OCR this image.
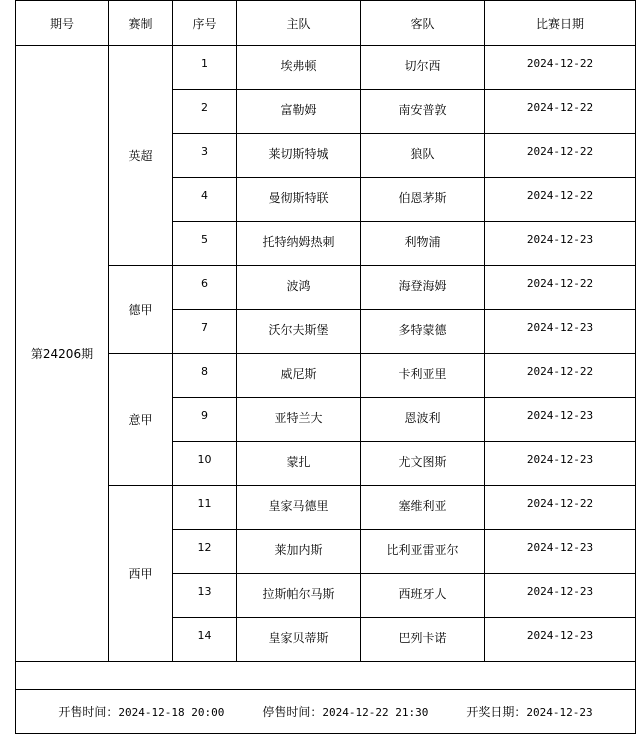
期号	赛制	序号	主队	客队	比赛日期
第24206期	英超	1	埃弗顿	切尔西	2024-12-22
		2	富勒姆	南安普敦	2024-12-22
		3	莱切斯特城	狼队	2024-12-22
		4	曼彻斯特联	伯恩茅斯	2024-12-22
		5	托特纳姆热刺	利物浦	2024-12-23
	德甲	6	波鸿	海登海姆	2024-12-22
		7	沃尔夫斯堡	多特蒙德	2024-12-23
	意甲	8	威尼斯	卡利亚里	2024-12-22
		9	亚特兰大	恩波利	2024-12-23
		10	蒙扎	尤文图斯	2024-12-23
	西甲	11	皇家马德里	塞维利亚	2024-12-22
		12	莱加内斯	比利亚雷亚尔	2024-12-23
		13	拉斯帕尔马斯	西班牙人	2024-12-23
		14	皇家贝蒂斯	巴列卡诺	2024-12-23

开售时间：2024-12-18 20:00 停售时间：2024-12-22 21:30 开奖日期：2024-12-23					
